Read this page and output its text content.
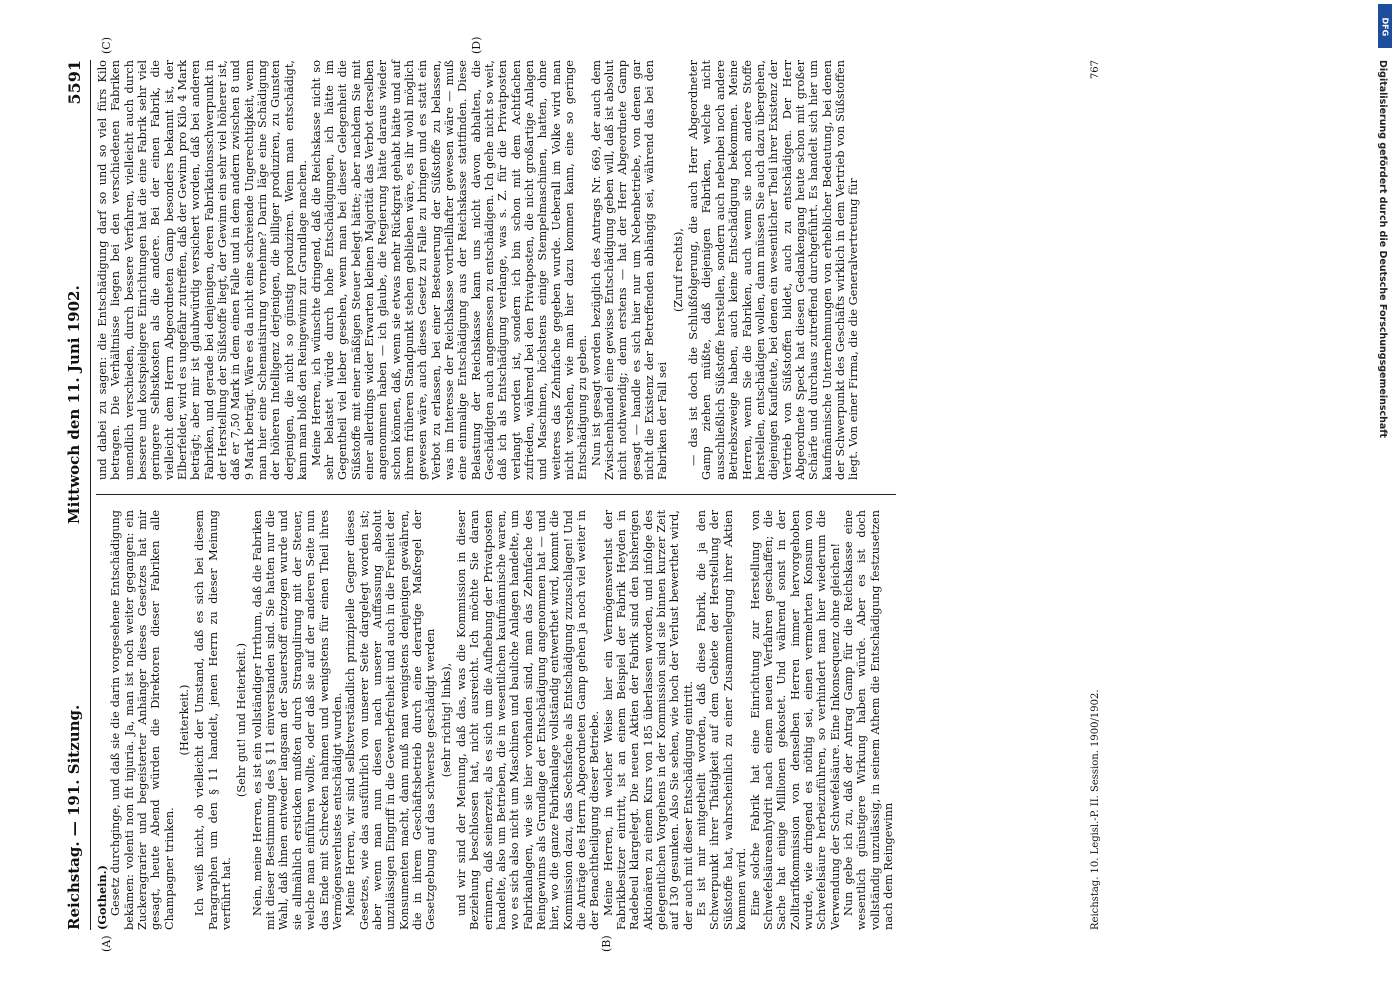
Reichstag. — 191. Sitzung.
Mittwoch den 11. Juni 1902.
5591
(Gothein.) Gesetz durchginge, und daß sie die darin vorgesehene Entschädigung bekämen: volenti non fit injuria. Ja, man ist noch weiter gegangen: ein Zuckeragrarier und begeisterter Anhänger dieses Gesetzes hat mir gesagt, heute Abend würden die Direktoren dieser Fabriken alle Champagner trinken.

(Heiterkeit.) Ich weiß nicht, ob vielleicht der Umstand, daß es sich bei diesem Paragraphen um den § 11 handelt, jenen Herrn zu dieser Meinung verführt hat.

(Sehr gut! und Heiterkeit.) Nein, meine Herren, es ist ein vollständiger Irrthum, daß die Fabriken mit dieser Bestimmung des § 11 einverstanden sind. Sie hatten nur die Wahl, daß ihnen entweder langsam der Sauerstoff entzogen wurde und sie allmählich ersticken mußten durch Strangulirung mit der Steuer, welche man einführen wollte, oder daß sie auf der anderen Seite nun das Ende mit Schrecken nahmen und wenigstens für einen Theil ihres Vermögensverlustes entschädigt wurden. Meine Herren, wir sind selbstverständlich prinzipielle Gegner dieses Gesetzes, wie das ausführlich von unserer Seite dargelegt worden ist; aber wenn man nun diesen nach unserer Auffassung absolut unzulässigen Eingriff in die Gewerbefreiheit und auch in die Freiheit der Konsumenten macht, dann muß man wenigstens denjenigen gewähren, die in ihrem Geschäftsbetrieb durch eine derartige Maßregel der Gesetzgebung auf das schwerste geschädigt werden (sehr richtig! links), und wir sind der Meinung, daß das, was die Kommission in dieser Beziehung beschlossen hat, nicht ausreicht. Ich möchte Sie daran erinnern, daß seinerzeit, als es sich um die Aufhebung der Privatposten handelte, also um Betrieben, die in wesentlichen kaufmännische waren, wo es sich also nicht um Maschinen und bauliche Anlagen handelte, um Fabrikanlagen, wie sie hier vorhanden sind, man das Zehnfache des Reingewinns als Grundlage der Entschädigung angenommen hat — und hier, wo die ganze Fabrikanlage vollständig entwerthet wird, kommt die Kommission dazu, das Sechsfache als Entschädigung zuzuschlagen! Und die Anträge des Herrn Abgeordneten Gamp gehen ja noch viel weiter in der Benachtheiligung dieser Betriebe. Meine Herren, in welcher Weise hier ein Vermögensverlust der Fabrikbesitzer eintritt, ist an einem Beispiel der Fabrik Heyden in Radebeul klargelegt. Die neuen Aktien der Fabrik sind den bisherigen Aktionären zu einem Kurs von 185 überlassen worden, und infolge des gelegentlichen Vorgehens in der Kommission sind sie binnen kurzer Zeit auf 130 gesunken. Also Sie sehen, wie hoch der Verlust bewerthet wird, der auch mit dieser Entschädigung eintritt. Es ist mir mitgetheilt worden, daß diese Fabrik, die ja den Schwerpunkt ihrer Thätigkeit auf dem Gebiete der Herstellung der Süßstoffe hat, wahrscheinlich zu einer Zusammenlegung ihrer Aktien kommen wird. Eine solche Fabrik hat eine Einrichtung zur Herstellung von Schwefelsäureanhydrit nach einem neuen Verfahren geschaffen; die Sache hat einige Millionen gekostet. Und während sonst in der Zolltarifkommission von denselben Herren immer hervorgehoben wurde, wie dringend es nöthig sei, einen vermehrten Konsum von Schwefelsäure herbeizuführen, so verhindert man hier wiederum die Verwendung der Schwefelsäure. Eine Inkonsequenz ohne gleichen! Nun gebe ich zu, daß der Antrag Gamp für die Reichskasse eine wesentlich günstigere Wirkung haben würde. Aber es ist doch vollständig unzulässig, in seinem Athem die Entschädigung festzusetzen nach dem Reingewinn

und dabei zu sagen: die Entschädigung darf so und so viel fürs Kilo betragen. Die Verhältnisse liegen bei den verschiedenen Fabriken unendlich verschieden, durch bessere Verfahren, vielleicht auch durch bessere und kostspieligere Einrichtungen hat die eine Fabrik sehr viel geringere Selbstkosten als die andere. Bei der einen Fabrik, die vielleicht dem Herrn Abgeordneten Gamp besonders bekannt ist, der Elberfelder, wird es ungefähr zutreffen, daß der Gewinn pro Kilo 4 Mark beträgt; aber mir ist glaubwürdig versichert worden, daß bei anderen Fabriken, und gerade bei denjenigen, deren Fabrikationsschwerpunkt in der Herstellung der Süßstoffe liegt, der Gewinn ein sehr viel höherer ist, daß er 7,50 Mark in dem einen Falle und in dem andern zwischen 8 und 9 Mark beträgt. Wäre es da nicht eine schreiende Ungerechtigkeit, wenn man hier eine Schematisirung vornehme? Darin läge eine Schädigung der höheren Intelligenz derjenigen, die billiger produziren, zu Gunsten derjenigen, die nicht so günstig produziren. Wenn man entschädigt, kann man bloß den Reingewinn zur Grundlage machen. Meine Herren, ich wünschte dringend, daß die Reichskasse nicht so sehr belastet würde durch hohe Entschädigungen, ich hätte im Gegentheil viel lieber gesehen, wenn man bei dieser Gelegenheit die Süßstoffe mit einer mäßigen Steuer belegt hätte; aber nachdem Sie mit einer allerdings wider Erwarten kleinen Majorität das Verbot derselben angenommen haben — ich glaube, die Regierung hätte daraus wieder schon können, daß, wenn sie etwas mehr Rückgrat gehabt hätte und auf ihrem früheren Standpunkt stehen geblieben wäre, es ihr wohl möglich gewesen wäre, auch dieses Gesetz zu Falle zu bringen und es statt ein Verbot zu erlassen, bei einer Besteuerung der Süßstoffe zu belassen, was im Interesse der Reichskasse vortheilhafter gewesen wäre — muß eine einmalige Entschädigung aus der Reichskasse stattfinden. Diese Belastung der Reichskasse kann uns nicht davon abhalten, die Geschädigten auch angemessen zu entschädigen. Ich gehe nicht so weit, daß ich als Entschädigung verlange, was s. Z. für die Privatposten verlangt worden ist, sondern ich bin schon mit dem Achtfachen zufrieden, während bei den Privatposten, die nicht großartige Anlagen und Maschinen, höchstens einige Stempelmaschinen, hatten, ohne weiteres das Zehnfache gegeben wurde. Ueberall im Volke wird man nicht verstehen, wie man hier dazu kommen kann, eine so geringe Entschädigung zu geben. Nun ist gesagt worden bezüglich des Antrags Nr. 669, der auch dem Zwischenhandel eine gewisse Entschädigung geben will, daß ist absolut nicht nothwendig; denn erstens — hat der Herr Abgeordnete Gamp gesagt — handle es sich hier nur um Nebenbetriebe, von denen gar nicht die Existenz der Betreffenden abhängig sei, während das bei den Fabriken der Fall sei

(Zuruf rechts), — das ist doch die Schlußfolgerung, die auch Herr Abgeordneter Gamp ziehen müßte, daß diejenigen Fabriken, welche nicht ausschließlich Süßstoffe herstellen, sondern auch nebenbei noch andere Betriebszweige haben, auch keine Entschädigung bekommen. Meine Herren, wenn Sie die Fabriken, auch wenn sie noch andere Stoffe herstellen, entschädigen wollen, dann müssen Sie auch dazu übergehen, diejenigen Kaufleute, bei denen ein wesentlicher Theil ihrer Existenz der Vertrieb von Süßstoffen bildet, auch zu entschädigen. Der Herr Abgeordnete Speck hat diesen Gedankengang heute schon mit großer Schärfe und durchaus zutreffend durchgeführt. Es handelt sich hier um kaufmännische Unternehmungen von erheblicher Bedeutung, bei denen der Schwerpunkt des Geschäfts wirklich in dem Vertrieb von Süßstoffen liegt. Von einer Firma, die die Generalvertretung für

(A)	(B)
(C)	(D)
Reichstag. 10. Legisl.-P. II. Session. 1900/1902.
767
DFG
Digitalisierung gefördert durch die Deutsche Forschungsgemeinschaft
